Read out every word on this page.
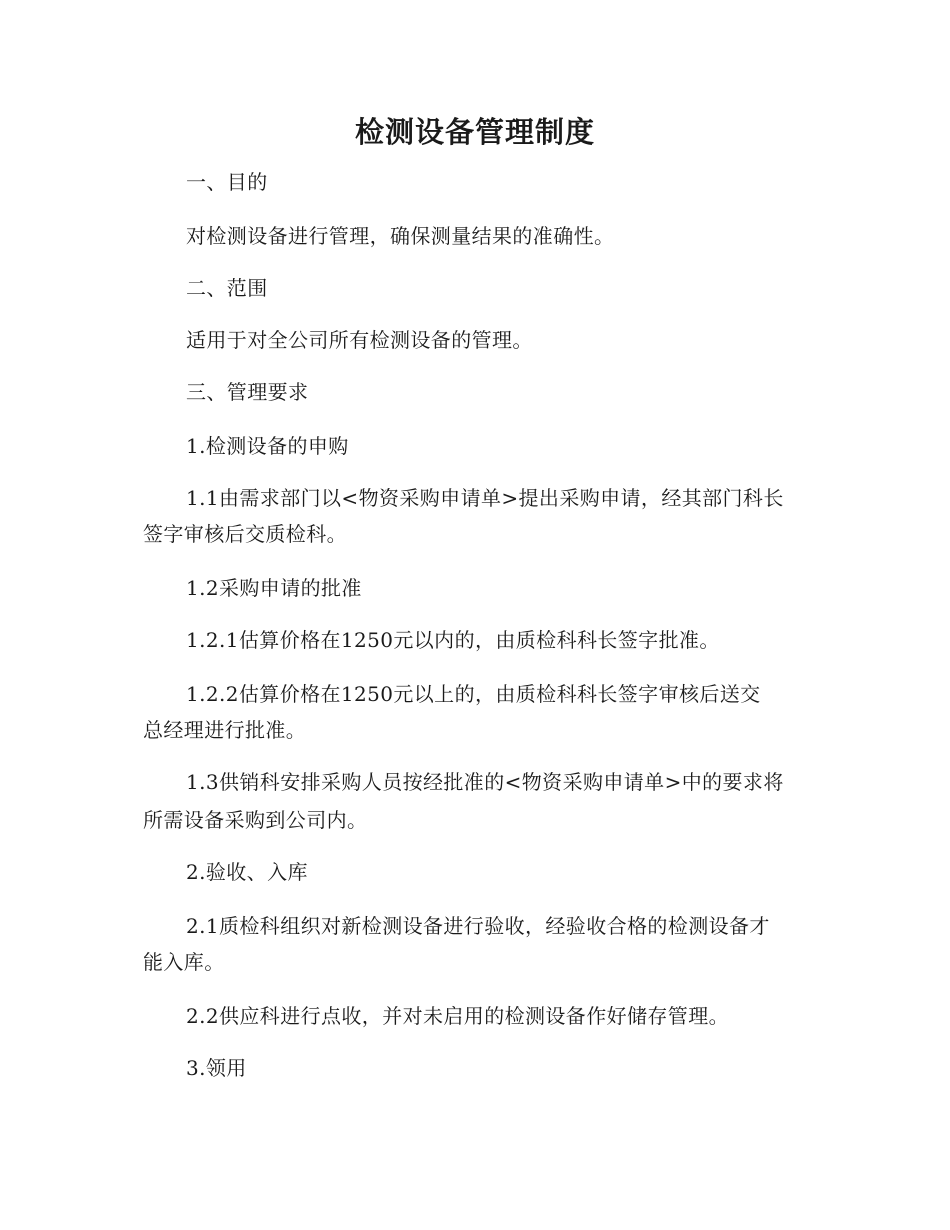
检测设备管理制度
一、目的
对检测设备进行管理，确保测量结果的准确性。
二、范围
适用于对全公司所有检测设备的管理。
三、管理要求
1.检测设备的申购
1.1由需求部门以<物资采购申请单>提出采购申请，经其部门科长
签字审核后交质检科。
1.2采购申请的批准
1.2.1估算价格在1250元以内的，由质检科科长签字批准。
1.2.2估算价格在1250元以上的，由质检科科长签字审核后送交
总经理进行批准。
1.3供销科安排采购人员按经批准的<物资采购申请单>中的要求将
所需设备采购到公司内。
2.验收、入库
2.1质检科组织对新检测设备进行验收，经验收合格的检测设备才
能入库。
2.2供应科进行点收，并对未启用的检测设备作好储存管理。
3.领用
